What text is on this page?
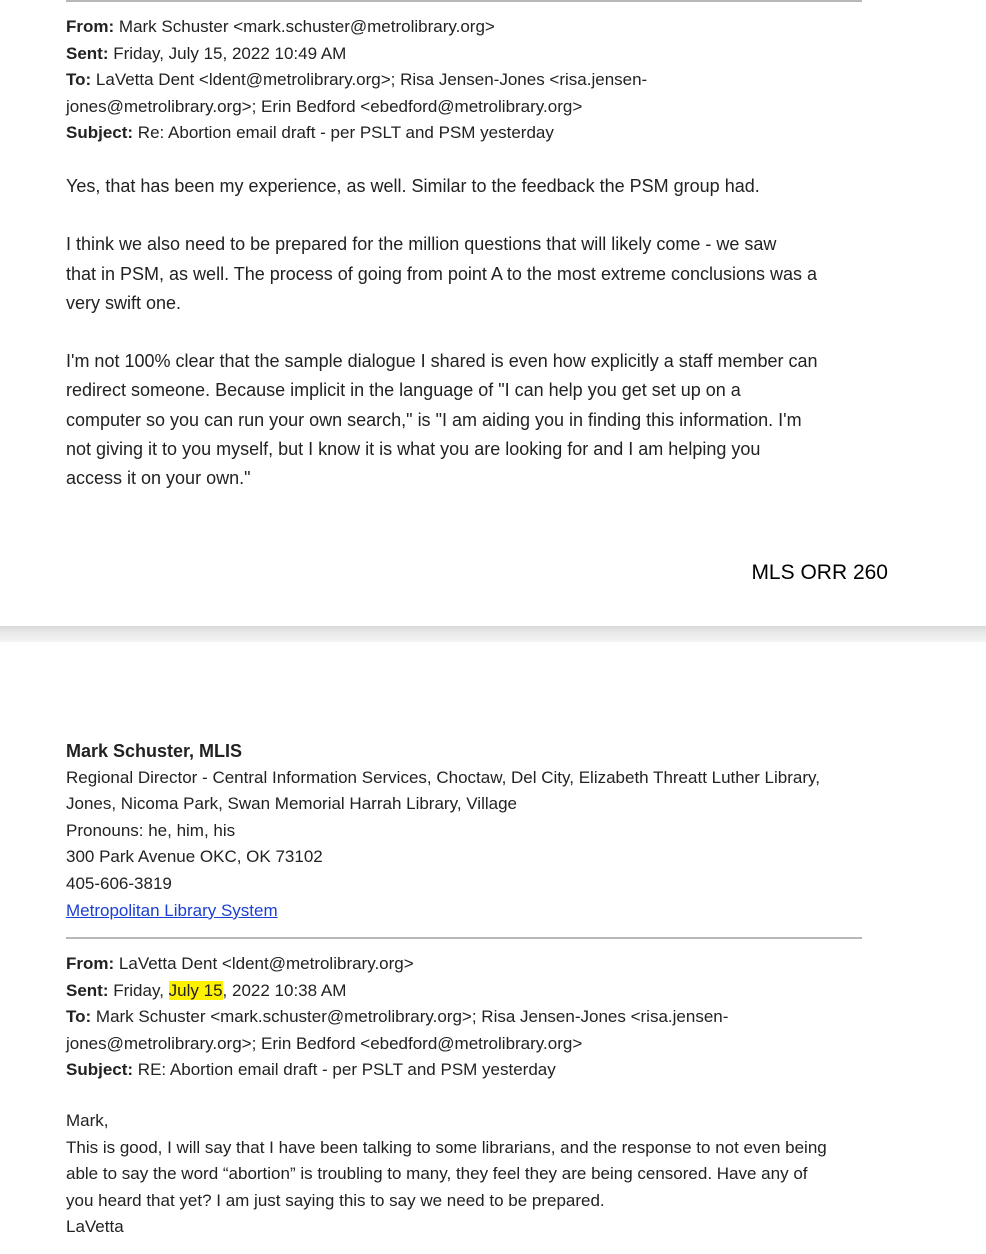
From: Mark Schuster <mark.schuster@metrolibrary.org>
Sent: Friday, July 15, 2022 10:49 AM
To: LaVetta Dent <ldent@metrolibrary.org>; Risa Jensen-Jones <risa.jensen-
jones@metrolibrary.org>; Erin Bedford <ebedford@metrolibrary.org>
Subject: Re: Abortion email draft - per PSLT and PSM yesterday

Yes, that has been my experience, as well. Similar to the feedback the PSM group had.

I think we also need to be prepared for the million questions that will likely come - we saw
that in PSM, as well. The process of going from point A to the most extreme conclusions was a
very swift one.

I'm not 100% clear that the sample dialogue I shared is even how explicitly a staff member can
redirect someone. Because implicit in the language of "I can help you get set up on a
computer so you can run your own search," is "I am aiding you in finding this information. I'm
not giving it to you myself, but I know it is what you are looking for and I am helping you
access it on your own."

MLS ORR 260
Mark Schuster, MLIS
Regional Director - Central Information Services, Choctaw, Del City, Elizabeth Threatt Luther Library,
Jones, Nicoma Park, Swan Memorial Harrah Library, Village
Pronouns: he, him, his
300 Park Avenue OKC, OK 73102
405-606-3819
Metropolitan Library System
From: LaVetta Dent <ldent@metrolibrary.org>
Sent: Friday, July 15, 2022 10:38 AM
To: Mark Schuster <mark.schuster@metrolibrary.org>; Risa Jensen-Jones <risa.jensen-
jones@metrolibrary.org>; Erin Bedford <ebedford@metrolibrary.org>
Subject: RE: Abortion email draft - per PSLT and PSM yesterday
Mark,
This is good, I will say that I have been talking to some librarians, and the response to not even being
able to say the word “abortion” is troubling to many, they feel they are being censored. Have any of
you heard that yet? I am just saying this to say we need to be prepared.
LaVetta
